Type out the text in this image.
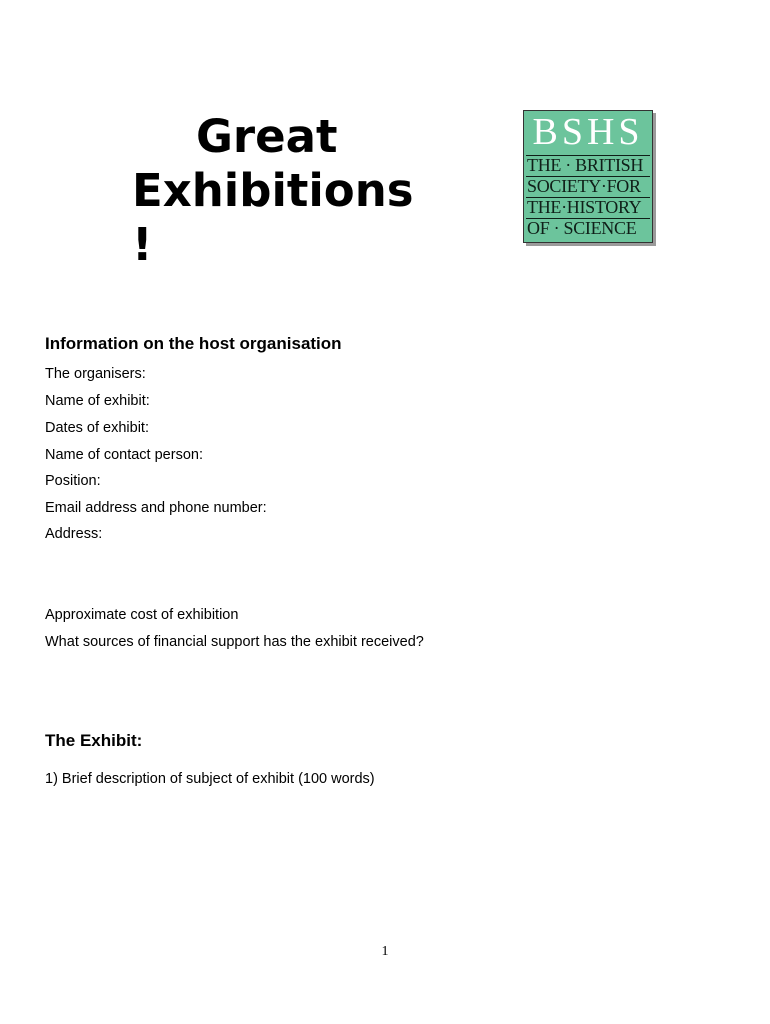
Great
Exhibitions
!
BSHS
THE · BRITISH
SOCIETY·FOR
THE·HISTORY
OF · SCIENCE
Information on the host organisation

The organisers:

Name of exhibit:

Dates of exhibit:

Name of contact person:

Position:

Email address and phone number:

Address:

Approximate cost of exhibition

What sources of financial support has the exhibit received?

The Exhibit:

1) Brief description of subject of exhibit (100 words)

1
